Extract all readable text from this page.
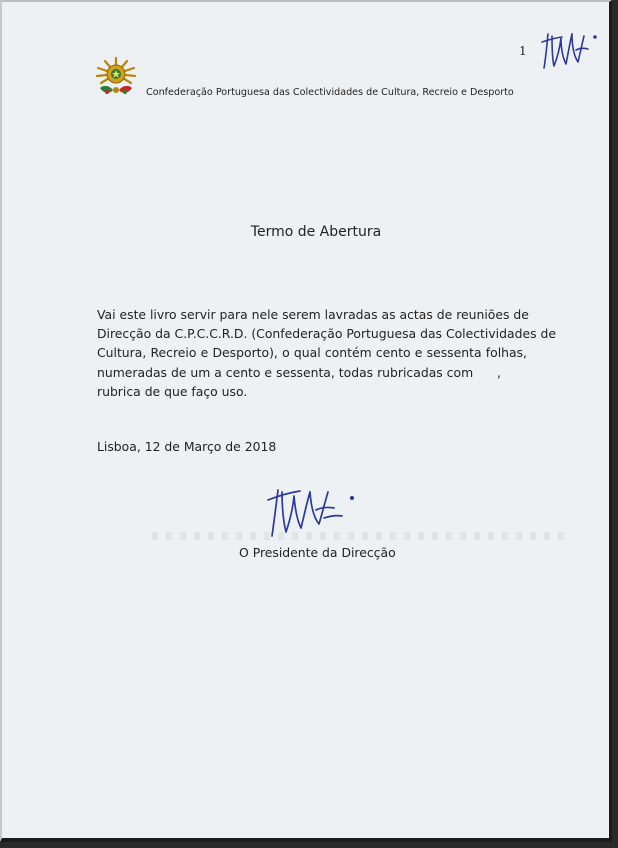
1
Confederação Portuguesa das Colectividades de Cultura, Recreio e Desporto
Termo de Abertura
Vai este livro servir para nele serem lavradas as actas de reuniões de
Direcção da C.P.C.C.R.D. (Confederação Portuguesa das Colectividades de
Cultura, Recreio e Desporto), o qual contém cento e sessenta folhas,
numeradas de um a cento e sessenta, todas rubricadas com ,
rubrica de que faço uso.
Lisboa, 12 de Março de 2018
O Presidente da Direcção
